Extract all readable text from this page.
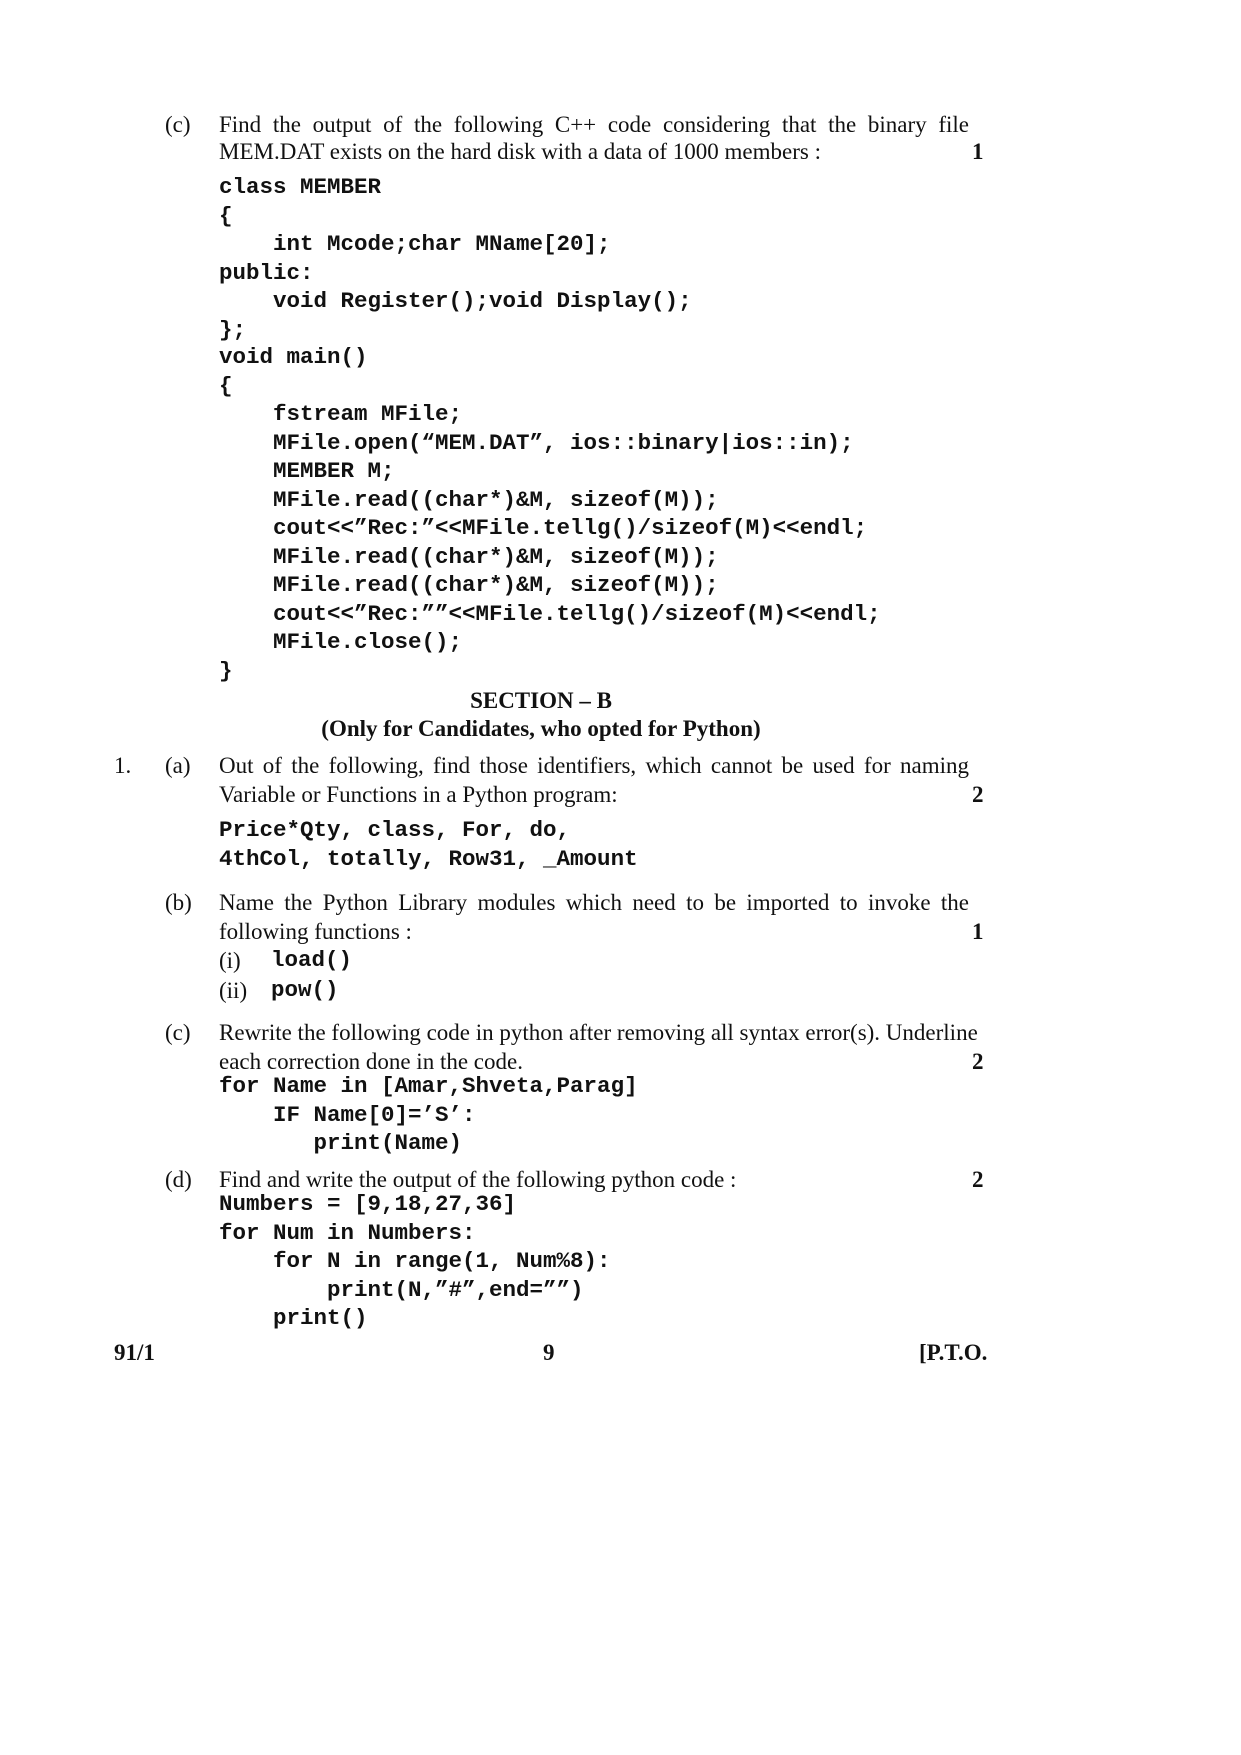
(c) Find the output of the following C++ code considering that the binary file
MEM.DAT exists on the hard disk with a data of 1000 members :	1
class MEMBER
{
int Mcode;char MName[20];
public:
void Register();void Display();
};
void main()
{
fstream MFile;
MFile.open(“MEM.DAT”, ios::binary|ios::in);
MEMBER M;
MFile.read((char*)&M, sizeof(M));
cout<<”Rec:”<<MFile.tellg()/sizeof(M)<<endl;
MFile.read((char*)&M, sizeof(M));
MFile.read((char*)&M, sizeof(M));
cout<<”Rec:””<<MFile.tellg()/sizeof(M)<<endl;
MFile.close();
}
SECTION – B
(Only for Candidates, who opted for Python)
1. (a) Out of the following, find those identifiers, which cannot be used for naming
Variable or Functions in a Python program:	2
Price*Qty, class, For, do,
4thCol, totally, Row31, _Amount
(b) Name the Python Library modules which need to be imported to invoke the
following functions :	1
(i) load()
(ii) pow()
(c) Rewrite the following code in python after removing all syntax error(s). Underline
each correction done in the code.	2
for Name in [Amar,Shveta,Parag]
IF Name[0]=’S’:
print(Name)
(d) Find and write the output of the following python code :	2
Numbers = [9,18,27,36]
for Num in Numbers:
for N in range(1, Num%8):
print(N,”#”,end=””)
print()
91/1	9	[P.T.O.
